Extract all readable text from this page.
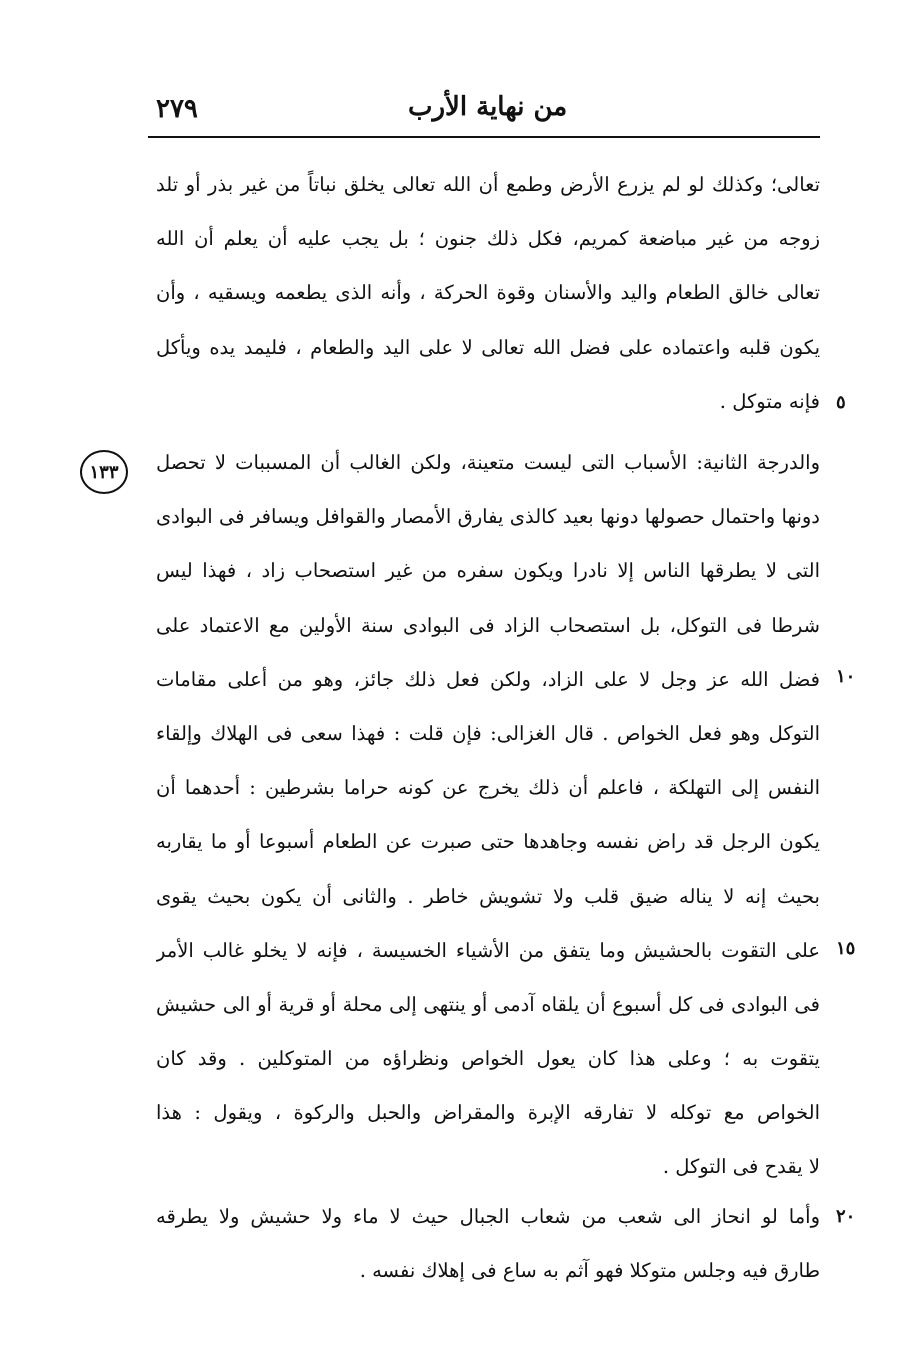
٢٧٩	من نهاية الأرب
تعالى؛ وكذلك لو لم يزرع الأرض وطمع أن الله تعالى يخلق نباتاً من غير بذر أو تلد
زوجه من غير مباضعة كمريم، فكل ذلك جنون ؛ بل يجب عليه أن يعلم أن الله
تعالى خالق الطعام واليد والأسنان وقوة الحركة ، وأنه الذى يطعمه ويسقيه ، وأن
يكون قلبه واعتماده على فضل الله تعالى لا على اليد والطعام ، فليمد يده ويأكل
فإنه متوكل .
والدرجة الثانية: الأسباب التى ليست متعينة، ولكن الغالب أن المسببات لا تحصل
دونها واحتمال حصولها دونها بعيد كالذى يفارق الأمصار والقوافل ويسافر فى البوادى
التى لا يطرقها الناس إلا نادرا ويكون سفره من غير استصحاب زاد ، فهذا ليس
شرطا فى التوكل، بل استصحاب الزاد فى البوادى سنة الأولين مع الاعتماد على
فضل الله عز وجل لا على الزاد، ولكن فعل ذلك جائز، وهو من أعلى مقامات
التوكل وهو فعل الخواص . قال الغزالى: فإن قلت : فهذا سعى فى الهلاك وإلقاء
النفس إلى التهلكة ، فاعلم أن ذلك يخرج عن كونه حراما بشرطين : أحدهما أن
يكون الرجل قد راض نفسه وجاهدها حتى صبرت عن الطعام أسبوعا أو ما يقاربه
بحيث إنه لا يناله ضيق قلب ولا تشويش خاطر . والثانى أن يكون بحيث يقوى
على التقوت بالحشيش وما يتفق من الأشياء الخسيسة ، فإنه لا يخلو غالب الأمر
فى البوادى فى كل أسبوع أن يلقاه آدمى أو ينتهى إلى محلة أو قرية أو الى حشيش
يتقوت به ؛ وعلى هذا كان يعول الخواص ونظراؤه من المتوكلين . وقد كان
الخواص مع توكله لا تفارقه الإبرة والمقراض والحبل والركوة ، ويقول : هذا
لا يقدح فى التوكل .
وأما لو انحاز الى شعب من شعاب الجبال حيث لا ماء ولا حشيش ولا يطرقه
طارق فيه وجلس متوكلا فهو آثم به ساع فى إهلاك نفسه .
١٣٣
٥
١٠
١٥
٢٠
